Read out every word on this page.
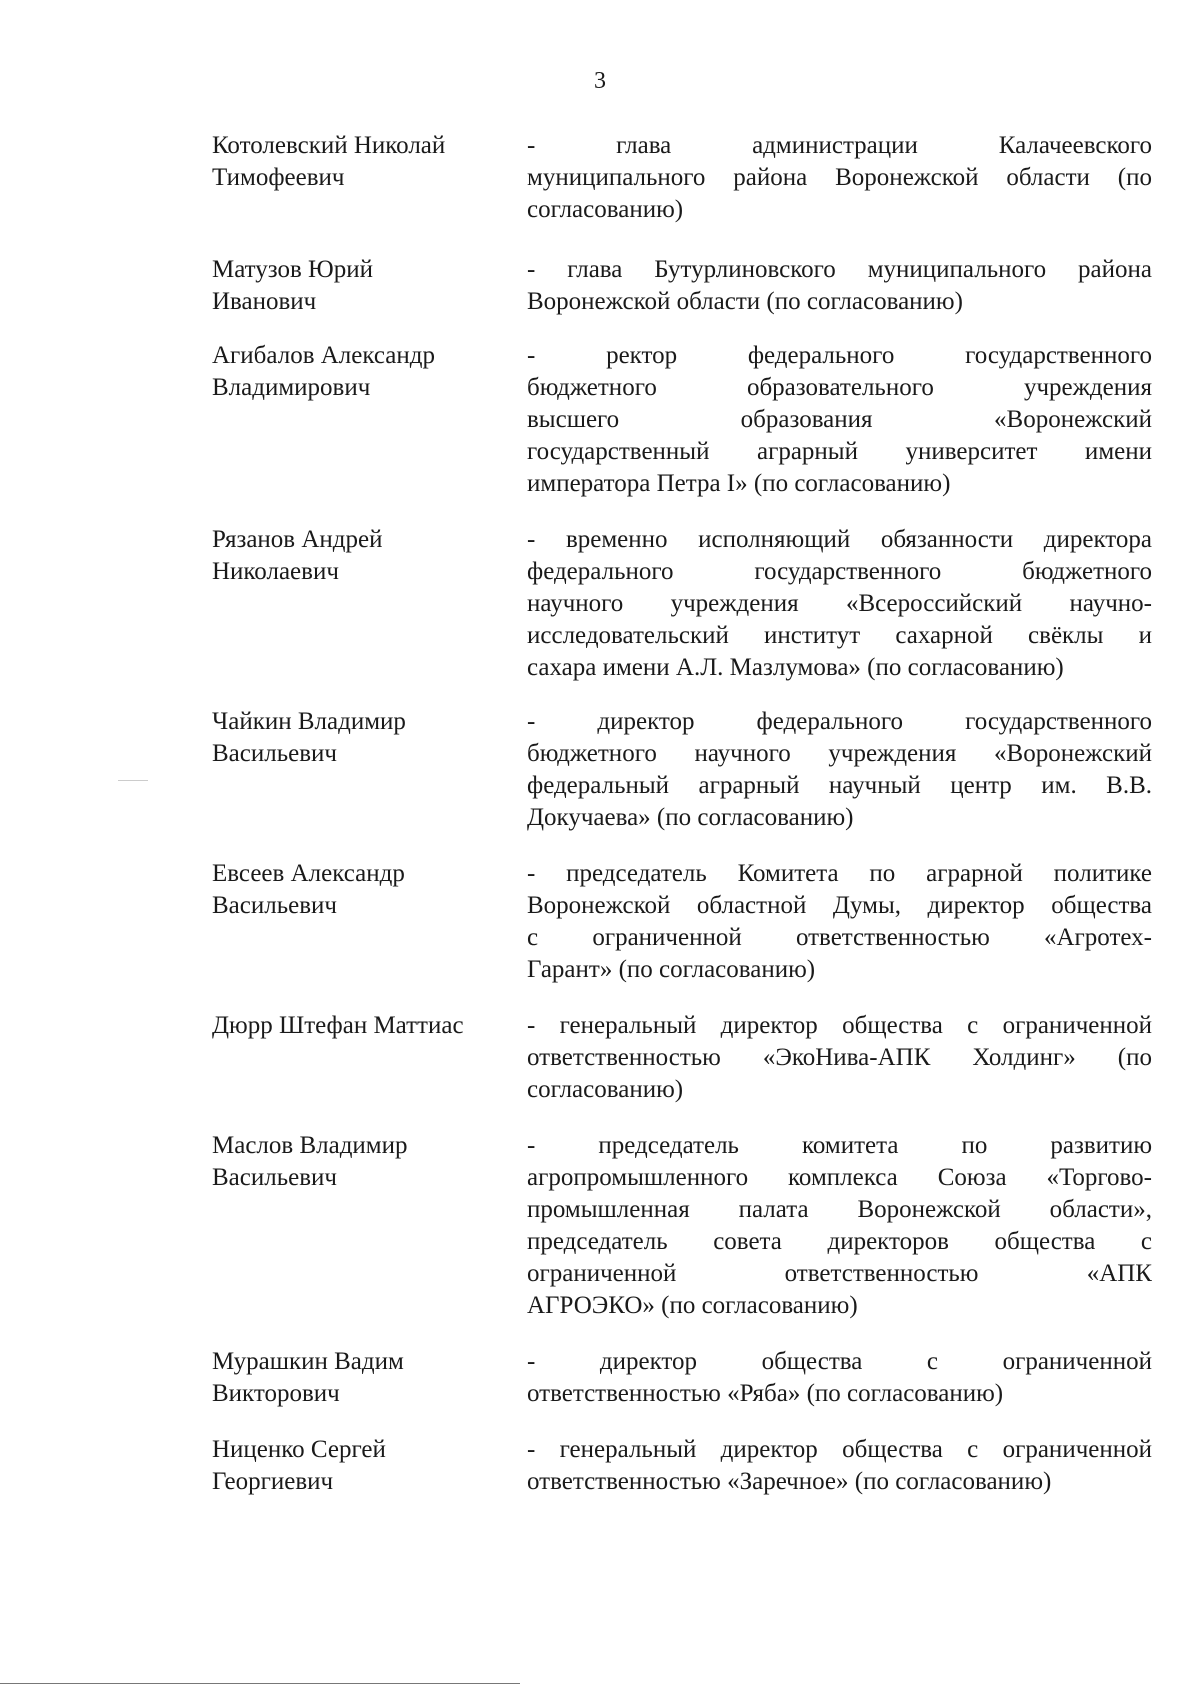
3
Котолевский Николай
Тимофеевич
- глава администрации Калачеевского
муниципального района Воронежской области (по
согласованию)
Матузов Юрий
Иванович
- глава Бутурлиновского муниципального района
Воронежской области (по согласованию)
Агибалов Александр
Владимирович
- ректор федерального государственного
бюджетного образовательного учреждения
высшего образования «Воронежский
государственный аграрный университет имени
императора Петра I» (по согласованию)
Рязанов Андрей
Николаевич
- временно исполняющий обязанности директора
федерального государственного бюджетного
научного учреждения «Всероссийский научно-
исследовательский институт сахарной свёклы и
сахара имени А.Л. Мазлумова» (по согласованию)
Чайкин Владимир
Васильевич
- директор федерального государственного
бюджетного научного учреждения «Воронежский
федеральный аграрный научный центр им. В.В.
Докучаева» (по согласованию)
Евсеев Александр
Васильевич
- председатель Комитета по аграрной политике
Воронежской областной Думы, директор общества
с ограниченной ответственностью «Агротех-
Гарант» (по согласованию)
Дюрр Штефан Маттиас	- генеральный директор общества с ограниченной
ответственностью «ЭкоНива-АПК Холдинг» (по
согласованию)
Маслов Владимир
Васильевич
- председатель комитета по развитию
агропромышленного комплекса Союза «Торгово-
промышленная палата Воронежской области»,
председатель совета директоров общества с
ограниченной ответственностью «АПК
АГРОЭКО» (по согласованию)
Мурашкин Вадим
Викторович
- директор общества с ограниченной
ответственностью «Ряба» (по согласованию)
Ниценко Сергей
Георгиевич
- генеральный директор общества с ограниченной
ответственностью «Заречное» (по согласованию)
